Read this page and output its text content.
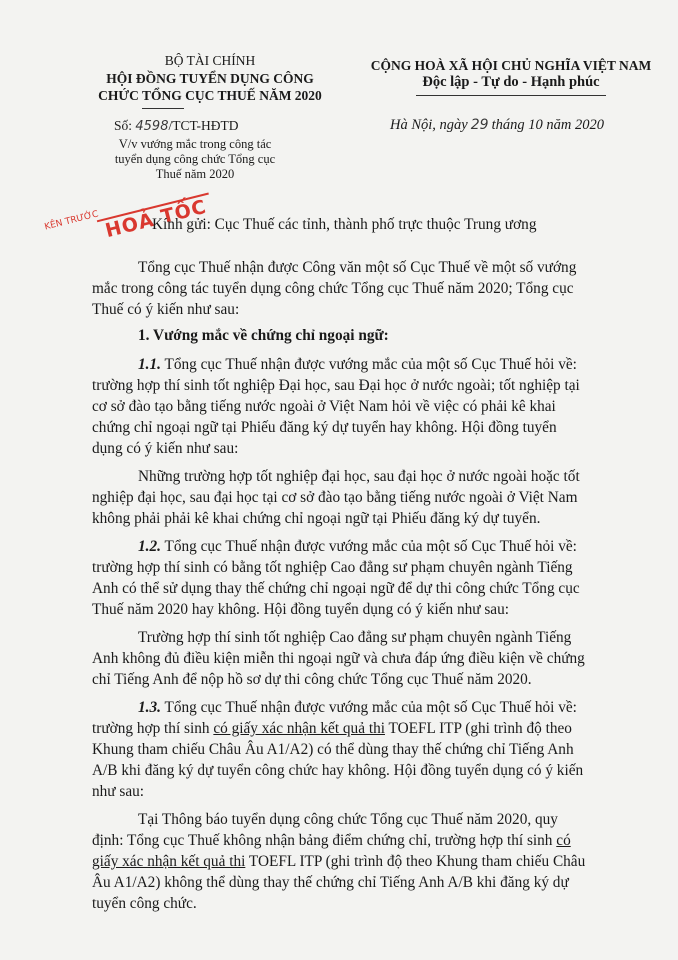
BỘ TÀI CHÍNH
HỘI ĐỒNG TUYỂN DỤNG CÔNG
CHỨC TỔNG CỤC THUẾ NĂM 2020
Số: 4598/TCT-HĐTD
V/v vướng mắc trong công tác
tuyển dụng công chức Tổng cục
Thuế năm 2020
CỘNG HOÀ XÃ HỘI CHỦ NGHĨA VIỆT NAM
Độc lập - Tự do - Hạnh phúc
Hà Nội, ngày 29 tháng 10 năm 2020
KÊN TRƯỚC HOẢ TỐC
Kính gửi: Cục Thuế các tỉnh, thành phố trực thuộc Trung ương
Tổng cục Thuế nhận được Công văn một số Cục Thuế về một số vướng
mắc trong công tác tuyển dụng công chức Tổng cục Thuế năm 2020; Tổng cục
Thuế có ý kiến như sau:
1. Vướng mắc về chứng chỉ ngoại ngữ:
1.1. Tổng cục Thuế nhận được vướng mắc của một số Cục Thuế hỏi về:
trường hợp thí sinh tốt nghiệp Đại học, sau Đại học ở nước ngoài; tốt nghiệp tại
cơ sở đào tạo bằng tiếng nước ngoài ở Việt Nam hỏi về việc có phải kê khai
chứng chỉ ngoại ngữ tại Phiếu đăng ký dự tuyển hay không. Hội đồng tuyển
dụng có ý kiến như sau:
Những trường hợp tốt nghiệp đại học, sau đại học ở nước ngoài hoặc tốt
nghiệp đại học, sau đại học tại cơ sở đào tạo bằng tiếng nước ngoài ở Việt Nam
không phải phải kê khai chứng chỉ ngoại ngữ tại Phiếu đăng ký dự tuyển.
1.2. Tổng cục Thuế nhận được vướng mắc của một số Cục Thuế hỏi về:
trường hợp thí sinh có bằng tốt nghiệp Cao đẳng sư phạm chuyên ngành Tiếng
Anh có thể sử dụng thay thế chứng chỉ ngoại ngữ để dự thi công chức Tổng cục
Thuế năm 2020 hay không. Hội đồng tuyển dụng có ý kiến như sau:
Trường hợp thí sinh tốt nghiệp Cao đẳng sư phạm chuyên ngành Tiếng
Anh không đủ điều kiện miễn thi ngoại ngữ và chưa đáp ứng điều kiện về chứng
chỉ Tiếng Anh để nộp hồ sơ dự thi công chức Tổng cục Thuế năm 2020.
1.3. Tổng cục Thuế nhận được vướng mắc của một số Cục Thuế hỏi về:
trường hợp thí sinh có giấy xác nhận kết quả thi TOEFL ITP (ghi trình độ theo
Khung tham chiếu Châu Âu A1/A2) có thể dùng thay thế chứng chỉ Tiếng Anh
A/B khi đăng ký dự tuyển công chức hay không. Hội đồng tuyển dụng có ý kiến
như sau:
Tại Thông báo tuyển dụng công chức Tổng cục Thuế năm 2020, quy
định: Tổng cục Thuế không nhận bảng điểm chứng chỉ, trường hợp thí sinh có
giấy xác nhận kết quả thi TOEFL ITP (ghi trình độ theo Khung tham chiếu Châu
Âu A1/A2) không thể dùng thay thế chứng chỉ Tiếng Anh A/B khi đăng ký dự
tuyển công chức.
